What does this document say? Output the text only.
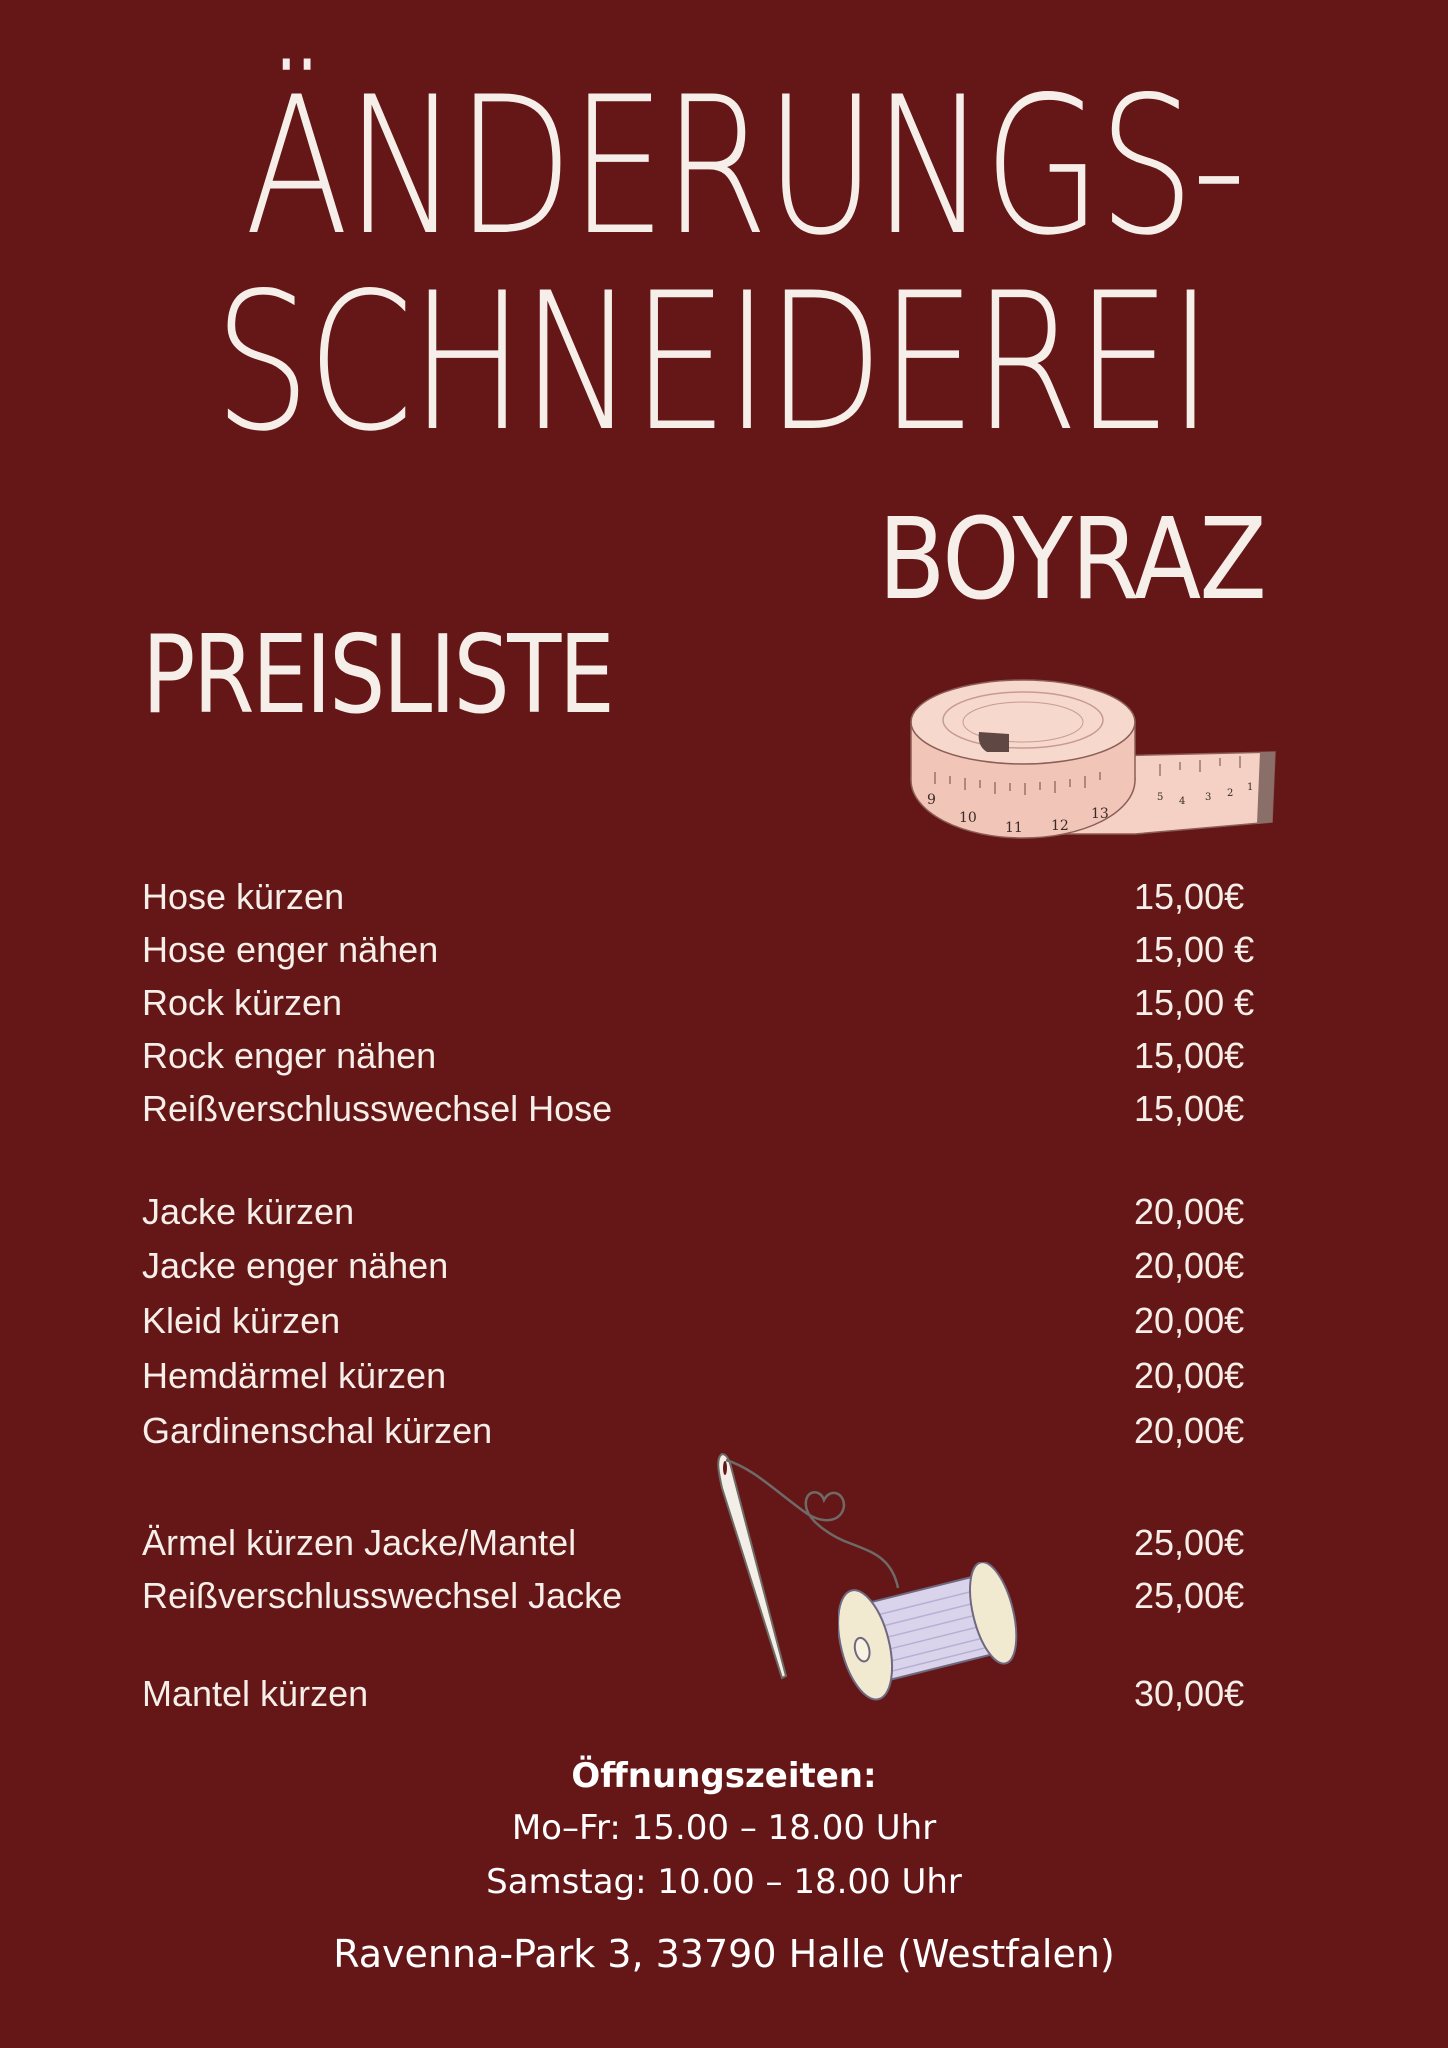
ÄNDERUNGS-
SCHNEIDEREI
BOYRAZ
PREISLISTE
9
10
11 12
13
5 4 3 2
1
Hose kürzen	15,00€
Hose enger nähen	15,00 €
Rock kürzen	15,00 €
Rock enger nähen	15,00€
Reißverschlusswechsel Hose	15,00€
Jacke kürzen	20,00€
Jacke enger nähen	20,00€
Kleid kürzen	20,00€
Hemdärmel kürzen	20,00€
Gardinenschal kürzen	20,00€
Ärmel kürzen Jacke/Mantel	25,00€
Reißverschlusswechsel Jacke	25,00€
Mantel kürzen	30,00€
Öffnungszeiten:
Mo–Fr: 15.00 – 18.00 Uhr
Samstag: 10.00 – 18.00 Uhr
Ravenna-Park 3, 33790 Halle (Westfalen)
